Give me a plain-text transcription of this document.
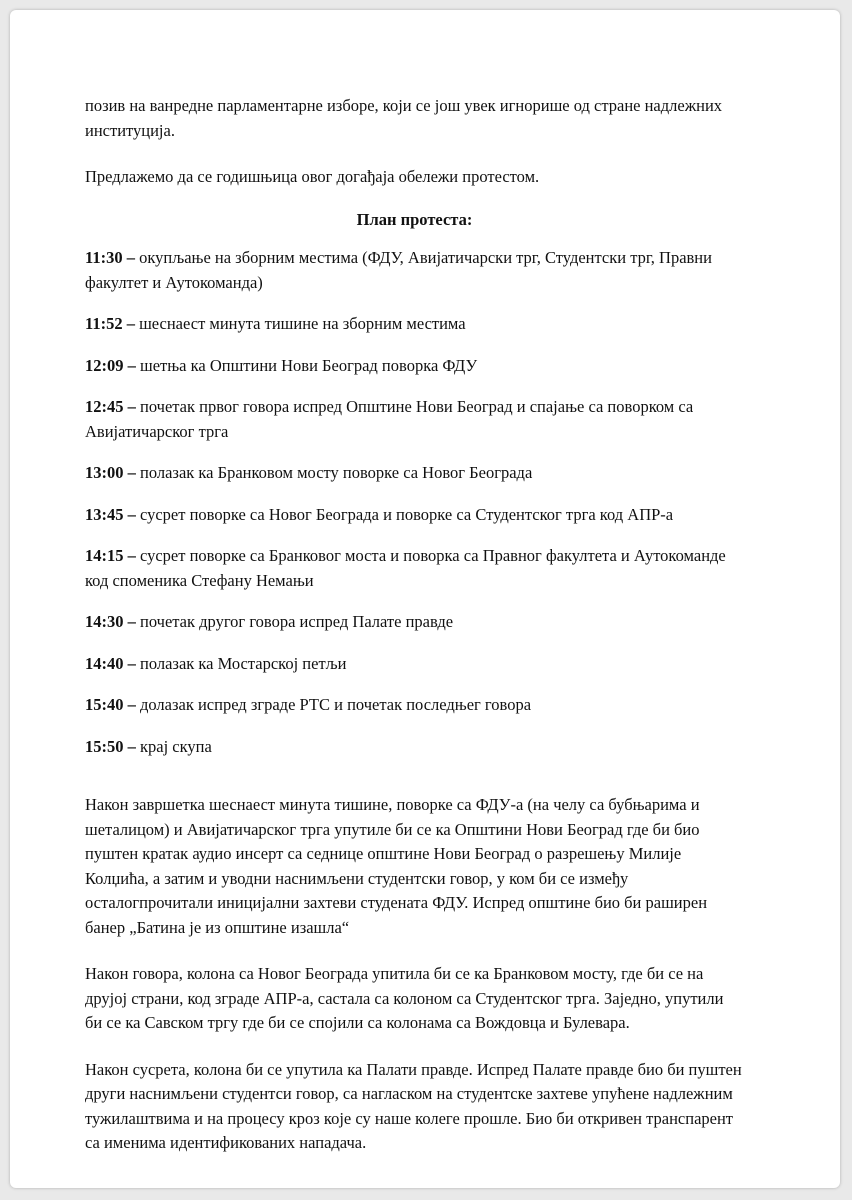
позив на ванредне парламентарне изборе, који се још увек игнорише од стране надлежних институција.

Предлажемо да се годишњица овог догађаја обележи протестом.

План протеста:

11:30 – окупљање на зборним местима (ФДУ, Авијатичарски трг, Студентски трг, Правни факултет и Аутокоманда)

11:52 – шеснаест минута тишине на зборним местима

12:09 – шетња ка Општини Нови Београд поворка ФДУ

12:45 – почетак првог говора испред Општине Нови Београд и спајање са поворком са Авијатичарског трга

13:00 – полазак ка Бранковом мосту поворке са Новог Београда

13:45 – сусрет поворке са Новог Београда и поворке са Студентског трга код АПР-а

14:15 – сусрет поворке са Бранковог моста и поворка са Правног факултета и Аутокоманде код споменика Стефану Немањи

14:30 – почетак другог говора испред Палате правде

14:40 – полазак ка Мостарској петљи

15:40 – долазак испред зграде РТС и почетак последњег говора

15:50 – крај скупа

Након завршетка шеснаест минута тишине, поворке са ФДУ-а (на челу са бубњарима и шеталицом) и Авијатичарског трга упутиле би се ка Општини Нови Београд где би био пуштен кратак аудио инсерт са седнице општине Нови Београд о разрешењу Милије Колџића, а затим и уводни наснимљени студентски говор, у ком би се између осталогпрочитали иницијални захтеви студената ФДУ. Испред општине био би раширен банер „Батина је из општине изашла“

Након говора, колона са Новог Београда упитила би се ка Бранковом мосту, где би се на друјој страни, код зграде АПР-а, састала са колоном са Студентског трга. Заједно, упутили би се ка Савском тргу где би се спојили са колонама са Вождовца и Булевара.

Након сусрета, колона би се упутила ка Палати правде. Испред Палате правде био би пуштен други наснимљени студентси говор, са нагласком на студентске захтеве упућене надлежним тужилаштвима и на процесу кроз које су наше колеге прошле. Био би откривен транспарент са именима идентификованих нападача.
